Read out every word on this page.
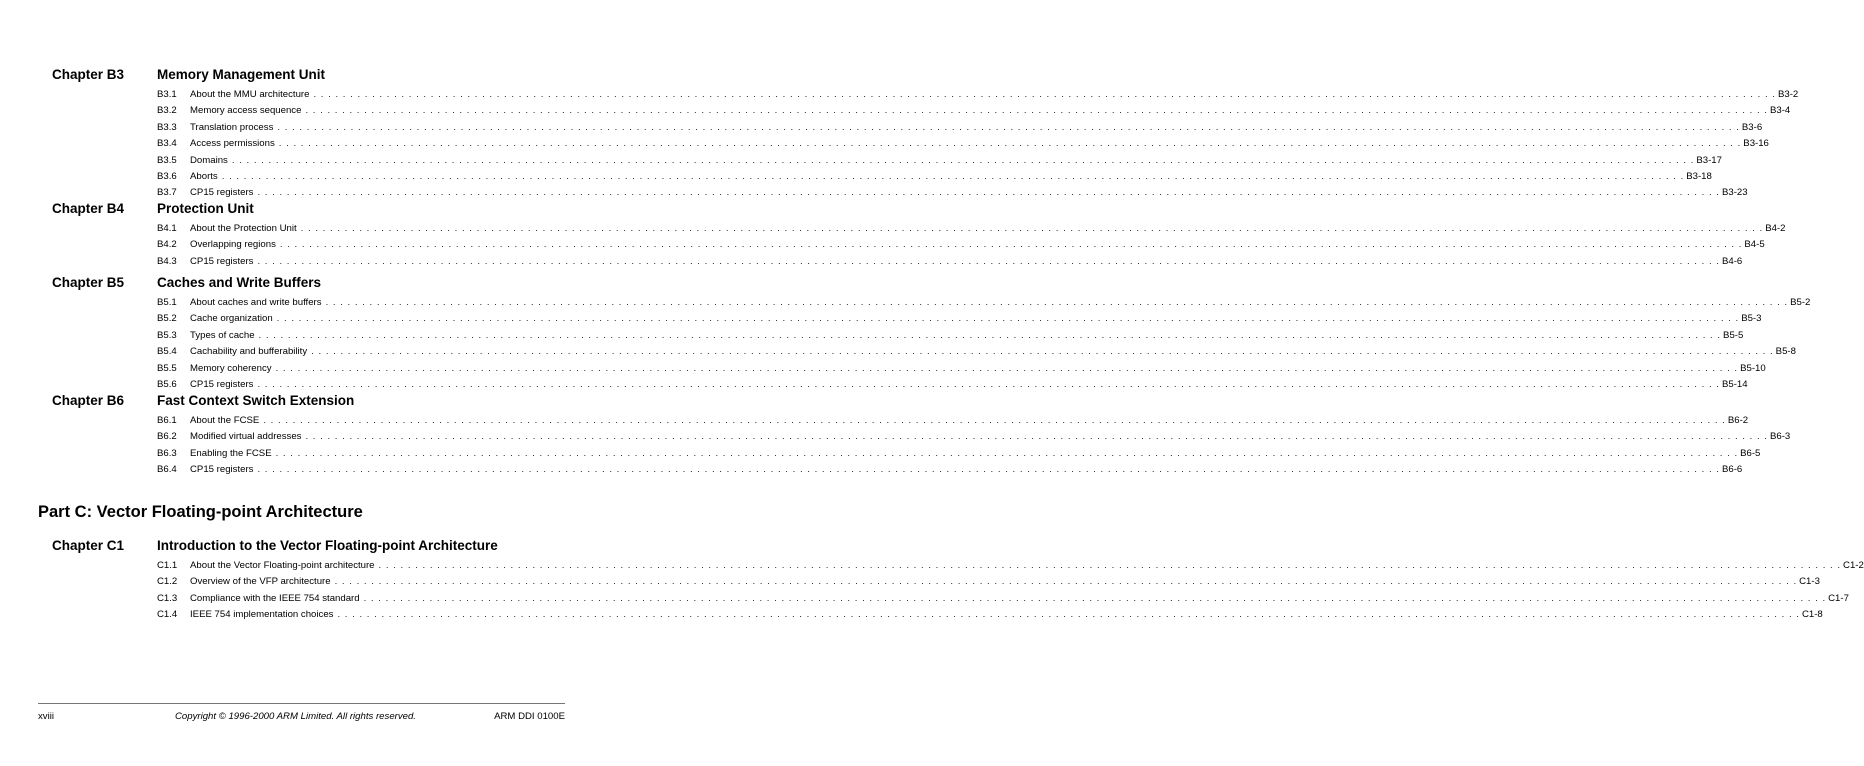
Chapter B3 Memory Management Unit
B3.1	About the MMU architecture . . . . . . . . . . . . . . . . . . . . . . . . . . . . . . . . . . . . . . . . . . . . . . . . . . . . . . . . . . . . . . . . . . . . . . . . . . . . . . . . . . . . . . . . . . . . . . . . . . . . . . . . . . . . . . . . . . . . . . . . . . . . . . . . . . . . . . . . . . . . . . . . . . . . . . . . . . . . . . . . . . . . . . . . . . . . . . . . . . . . . . . . . . . . . . . . . . . . . . . . B3-2
B3.2	Memory access sequence . . . . . . . . . . . . . . . . . . . . . . . . . . . . . . . . . . . . . . . . . . . . . . . . . . . . . . . . . . . . . . . . . . . . . . . . . . . . . . . . . . . . . . . . . . . . . . . . . . . . . . . . . . . . . . . . . . . . . . . . . . . . . . . . . . . . . . . . . . . . . . . . . . . . . . . . . . . . . . . . . . . . . . . . . . . . . . . . . . . . . . . . . . . . . . . . . . . . . . . . B3-4
B3.3	Translation process . . . . . . . . . . . . . . . . . . . . . . . . . . . . . . . . . . . . . . . . . . . . . . . . . . . . . . . . . . . . . . . . . . . . . . . . . . . . . . . . . . . . . . . . . . . . . . . . . . . . . . . . . . . . . . . . . . . . . . . . . . . . . . . . . . . . . . . . . . . . . . . . . . . . . . . . . . . . . . . . . . . . . . . . . . . . . . . . . . . . . . . . . . . . . . . . . . . . . . . . B3-6
B3.4	Access permissions . . . . . . . . . . . . . . . . . . . . . . . . . . . . . . . . . . . . . . . . . . . . . . . . . . . . . . . . . . . . . . . . . . . . . . . . . . . . . . . . . . . . . . . . . . . . . . . . . . . . . . . . . . . . . . . . . . . . . . . . . . . . . . . . . . . . . . . . . . . . . . . . . . . . . . . . . . . . . . . . . . . . . . . . . . . . . . . . . . . . . . . . . . . . . . . . . . . . . . . . B3-16
B3.5	Domains . . . . . . . . . . . . . . . . . . . . . . . . . . . . . . . . . . . . . . . . . . . . . . . . . . . . . . . . . . . . . . . . . . . . . . . . . . . . . . . . . . . . . . . . . . . . . . . . . . . . . . . . . . . . . . . . . . . . . . . . . . . . . . . . . . . . . . . . . . . . . . . . . . . . . . . . . . . . . . . . . . . . . . . . . . . . . . . . . . . . . . . . . . . . . . . . . . . . . . . . B3-17
B3.6	Aborts . . . . . . . . . . . . . . . . . . . . . . . . . . . . . . . . . . . . . . . . . . . . . . . . . . . . . . . . . . . . . . . . . . . . . . . . . . . . . . . . . . . . . . . . . . . . . . . . . . . . . . . . . . . . . . . . . . . . . . . . . . . . . . . . . . . . . . . . . . . . . . . . . . . . . . . . . . . . . . . . . . . . . . . . . . . . . . . . . . . . . . . . . . . . . . . . . . . . . . . . B3-18
B3.7	CP15 registers . . . . . . . . . . . . . . . . . . . . . . . . . . . . . . . . . . . . . . . . . . . . . . . . . . . . . . . . . . . . . . . . . . . . . . . . . . . . . . . . . . . . . . . . . . . . . . . . . . . . . . . . . . . . . . . . . . . . . . . . . . . . . . . . . . . . . . . . . . . . . . . . . . . . . . . . . . . . . . . . . . . . . . . . . . . . . . . . . . . . . . . . . . . . . . . . . . . . . . . . B3-23
Chapter B4 Protection Unit
B4.1	About the Protection Unit . . . . . . . . . . . . . . . . . . . . . . . . . . . . . . . . . . . . . . . . . . . . . . . . . . . . . . . . . . . . . . . . . . . . . . . . . . . . . . . . . . . . . . . . . . . . . . . . . . . . . . . . . . . . . . . . . . . . . . . . . . . . . . . . . . . . . . . . . . . . . . . . . . . . . . . . . . . . . . . . . . . . . . . . . . . . . . . . . . . . . . . . . . . . . . . . . . . . . . . . B4-2
B4.2	Overlapping regions . . . . . . . . . . . . . . . . . . . . . . . . . . . . . . . . . . . . . . . . . . . . . . . . . . . . . . . . . . . . . . . . . . . . . . . . . . . . . . . . . . . . . . . . . . . . . . . . . . . . . . . . . . . . . . . . . . . . . . . . . . . . . . . . . . . . . . . . . . . . . . . . . . . . . . . . . . . . . . . . . . . . . . . . . . . . . . . . . . . . . . . . . . . . . . . . . . . . . . . . B4-5
B4.3	CP15 registers . . . . . . . . . . . . . . . . . . . . . . . . . . . . . . . . . . . . . . . . . . . . . . . . . . . . . . . . . . . . . . . . . . . . . . . . . . . . . . . . . . . . . . . . . . . . . . . . . . . . . . . . . . . . . . . . . . . . . . . . . . . . . . . . . . . . . . . . . . . . . . . . . . . . . . . . . . . . . . . . . . . . . . . . . . . . . . . . . . . . . . . . . . . . . . . . . . . . . . . . B4-6
Chapter B5 Caches and Write Buffers
B5.1	About caches and write buffers . . . . . . . . . . . . . . . . . . . . . . . . . . . . . . . . . . . . . . . . . . . . . . . . . . . . . . . . . . . . . . . . . . . . . . . . . . . . . . . . . . . . . . . . . . . . . . . . . . . . . . . . . . . . . . . . . . . . . . . . . . . . . . . . . . . . . . . . . . . . . . . . . . . . . . . . . . . . . . . . . . . . . . . . . . . . . . . . . . . . . . . . . . . . . . . . . . . . . . . . B5-2
B5.2	Cache organization . . . . . . . . . . . . . . . . . . . . . . . . . . . . . . . . . . . . . . . . . . . . . . . . . . . . . . . . . . . . . . . . . . . . . . . . . . . . . . . . . . . . . . . . . . . . . . . . . . . . . . . . . . . . . . . . . . . . . . . . . . . . . . . . . . . . . . . . . . . . . . . . . . . . . . . . . . . . . . . . . . . . . . . . . . . . . . . . . . . . . . . . . . . . . . . . . . . . . . . . B5-3
B5.3	Types of cache . . . . . . . . . . . . . . . . . . . . . . . . . . . . . . . . . . . . . . . . . . . . . . . . . . . . . . . . . . . . . . . . . . . . . . . . . . . . . . . . . . . . . . . . . . . . . . . . . . . . . . . . . . . . . . . . . . . . . . . . . . . . . . . . . . . . . . . . . . . . . . . . . . . . . . . . . . . . . . . . . . . . . . . . . . . . . . . . . . . . . . . . . . . . . . . . . . . . . . . . B5-5
B5.4	Cachability and bufferability . . . . . . . . . . . . . . . . . . . . . . . . . . . . . . . . . . . . . . . . . . . . . . . . . . . . . . . . . . . . . . . . . . . . . . . . . . . . . . . . . . . . . . . . . . . . . . . . . . . . . . . . . . . . . . . . . . . . . . . . . . . . . . . . . . . . . . . . . . . . . . . . . . . . . . . . . . . . . . . . . . . . . . . . . . . . . . . . . . . . . . . . . . . . . . . . . . . . . . . . B5-8
B5.5	Memory coherency . . . . . . . . . . . . . . . . . . . . . . . . . . . . . . . . . . . . . . . . . . . . . . . . . . . . . . . . . . . . . . . . . . . . . . . . . . . . . . . . . . . . . . . . . . . . . . . . . . . . . . . . . . . . . . . . . . . . . . . . . . . . . . . . . . . . . . . . . . . . . . . . . . . . . . . . . . . . . . . . . . . . . . . . . . . . . . . . . . . . . . . . . . . . . . . . . . . . . . . . B5-10
B5.6	CP15 registers . . . . . . . . . . . . . . . . . . . . . . . . . . . . . . . . . . . . . . . . . . . . . . . . . . . . . . . . . . . . . . . . . . . . . . . . . . . . . . . . . . . . . . . . . . . . . . . . . . . . . . . . . . . . . . . . . . . . . . . . . . . . . . . . . . . . . . . . . . . . . . . . . . . . . . . . . . . . . . . . . . . . . . . . . . . . . . . . . . . . . . . . . . . . . . . . . . . . . . . . B5-14
Chapter B6 Fast Context Switch Extension
B6.1	About the FCSE . . . . . . . . . . . . . . . . . . . . . . . . . . . . . . . . . . . . . . . . . . . . . . . . . . . . . . . . . . . . . . . . . . . . . . . . . . . . . . . . . . . . . . . . . . . . . . . . . . . . . . . . . . . . . . . . . . . . . . . . . . . . . . . . . . . . . . . . . . . . . . . . . . . . . . . . . . . . . . . . . . . . . . . . . . . . . . . . . . . . . . . . . . . . . . . . . . . . . . . . B6-2
B6.2	Modified virtual addresses . . . . . . . . . . . . . . . . . . . . . . . . . . . . . . . . . . . . . . . . . . . . . . . . . . . . . . . . . . . . . . . . . . . . . . . . . . . . . . . . . . . . . . . . . . . . . . . . . . . . . . . . . . . . . . . . . . . . . . . . . . . . . . . . . . . . . . . . . . . . . . . . . . . . . . . . . . . . . . . . . . . . . . . . . . . . . . . . . . . . . . . . . . . . . . . . . . . . . . . . B6-3
B6.3	Enabling the FCSE . . . . . . . . . . . . . . . . . . . . . . . . . . . . . . . . . . . . . . . . . . . . . . . . . . . . . . . . . . . . . . . . . . . . . . . . . . . . . . . . . . . . . . . . . . . . . . . . . . . . . . . . . . . . . . . . . . . . . . . . . . . . . . . . . . . . . . . . . . . . . . . . . . . . . . . . . . . . . . . . . . . . . . . . . . . . . . . . . . . . . . . . . . . . . . . . . . . . . . . . B6-5
B6.4	CP15 registers . . . . . . . . . . . . . . . . . . . . . . . . . . . . . . . . . . . . . . . . . . . . . . . . . . . . . . . . . . . . . . . . . . . . . . . . . . . . . . . . . . . . . . . . . . . . . . . . . . . . . . . . . . . . . . . . . . . . . . . . . . . . . . . . . . . . . . . . . . . . . . . . . . . . . . . . . . . . . . . . . . . . . . . . . . . . . . . . . . . . . . . . . . . . . . . . . . . . . . . . B6-6
Chapter C1 Introduction to the Vector Floating-point Architecture
C1.1	About the Vector Floating-point architecture . . . . . . . . . . . . . . . . . . . . . . . . . . . . . . . . . . . . . . . . . . . . . . . . . . . . . . . . . . . . . . . . . . . . . . . . . . . . . . . . . . . . . . . . . . . . . . . . . . . . . . . . . . . . . . . . . . . . . . . . . . . . . . . . . . . . . . . . . . . . . . . . . . . . . . . . . . . . . . . . . . . . . . . . . . . . . . . . . . . . . . . . . . . . . . . . . . . . . . . . C1-2
C1.2	Overview of the VFP architecture . . . . . . . . . . . . . . . . . . . . . . . . . . . . . . . . . . . . . . . . . . . . . . . . . . . . . . . . . . . . . . . . . . . . . . . . . . . . . . . . . . . . . . . . . . . . . . . . . . . . . . . . . . . . . . . . . . . . . . . . . . . . . . . . . . . . . . . . . . . . . . . . . . . . . . . . . . . . . . . . . . . . . . . . . . . . . . . . . . . . . . . . . . . . . . . . . . . . . . . . C1-3
C1.3	Compliance with the IEEE 754 standard . . . . . . . . . . . . . . . . . . . . . . . . . . . . . . . . . . . . . . . . . . . . . . . . . . . . . . . . . . . . . . . . . . . . . . . . . . . . . . . . . . . . . . . . . . . . . . . . . . . . . . . . . . . . . . . . . . . . . . . . . . . . . . . . . . . . . . . . . . . . . . . . . . . . . . . . . . . . . . . . . . . . . . . . . . . . . . . . . . . . . . . . . . . . . . . . . . . . . . . . C1-7
C1.4	IEEE 754 implementation choices . . . . . . . . . . . . . . . . . . . . . . . . . . . . . . . . . . . . . . . . . . . . . . . . . . . . . . . . . . . . . . . . . . . . . . . . . . . . . . . . . . . . . . . . . . . . . . . . . . . . . . . . . . . . . . . . . . . . . . . . . . . . . . . . . . . . . . . . . . . . . . . . . . . . . . . . . . . . . . . . . . . . . . . . . . . . . . . . . . . . . . . . . . . . . . . . . . . . . . . . C1-8
Part C: Vector Floating-point Architecture
xviii	Copyright © 1996-2000 ARM Limited. All rights reserved.	ARM DDI 0100E
